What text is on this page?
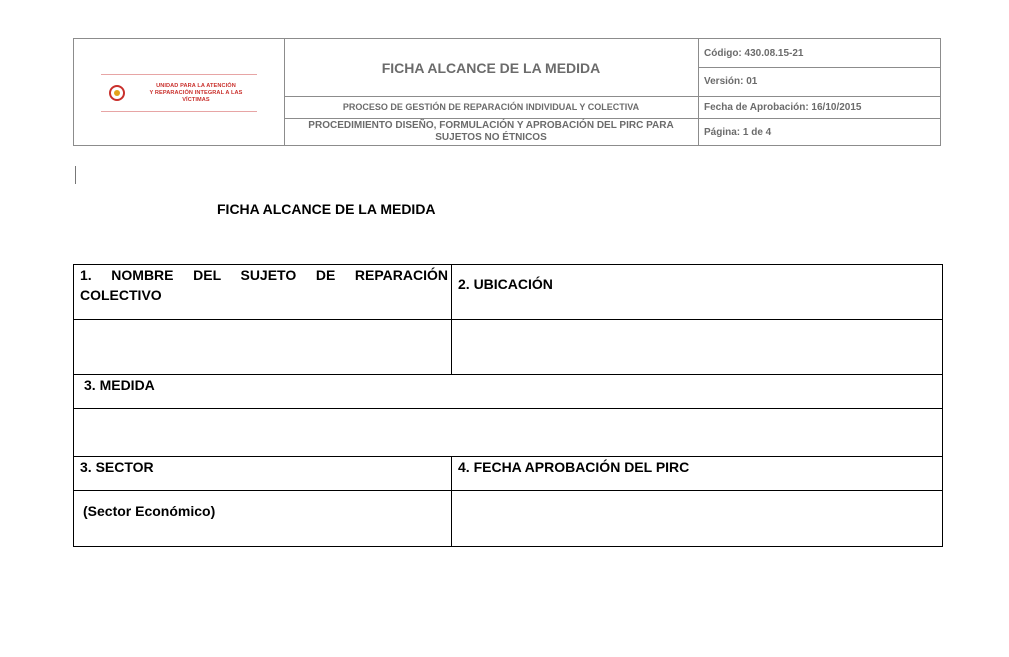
UNIDAD PARA LA ATENCIÓN
Y REPARACIÓN INTEGRAL A LAS VÍCTIMAS
FICHA ALCANCE DE LA MEDIDA
PROCESO DE GESTIÓN DE REPARACIÓN INDIVIDUAL Y COLECTIVA
PROCEDIMIENTO DISEÑO, FORMULACIÓN Y APROBACIÓN DEL PIRC PARA SUJETOS NO ÉTNICOS
Código: 430.08.15-21
Versión: 01
Fecha de Aprobación: 16/10/2015
Página: 1 de 4
FICHA ALCANCE DE LA MEDIDA
1. NOMBRE DEL SUJETO DE REPARACIÓN COLECTIVO
2. UBICACIÓN
3. MEDIDA
3. SECTOR	4. FECHA APROBACIÓN DEL PIRC
(Sector Económico)
